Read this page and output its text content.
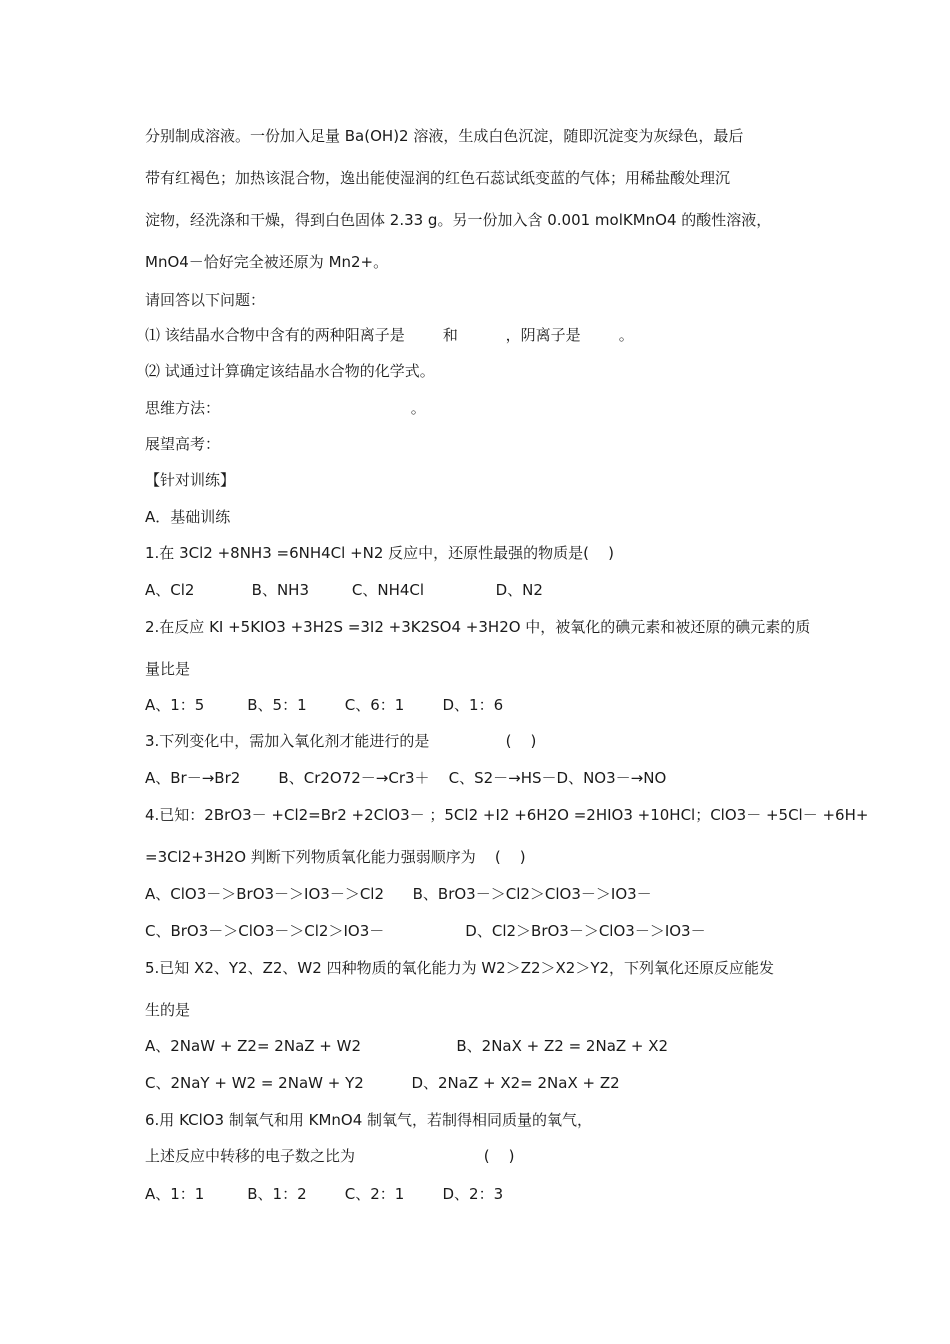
分别制成溶液。一份加入足量 Ba(OH)2 溶液，生成白色沉淀，随即沉淀变为灰绿色，最后
带有红褐色；加热该混合物，逸出能使湿润的红色石蕊试纸变蓝的气体；用稀盐酸处理沉
淀物，经洗涤和干燥，得到白色固体 2.33 g。另一份加入含 0.001 molKMnO4 的酸性溶液，
MnO4－恰好完全被还原为 Mn2+。
请回答以下问题：
⑴ 该结晶水合物中含有的两种阳离子是        和          ，阴离子是        。
⑵ 试通过计算确定该结晶水合物的化学式。
思维方法：                                        。
展望高考：
【针对训练】
A．基础训练
1.在 3Cl2 +8NH3 =6NH4Cl +N2 反应中，还原性最强的物质是(    )
A、Cl2            B、NH3         C、NH4Cl               D、N2
2.在反应 KI +5KIO3 +3H2S =3I2 +3K2SO4 +3H2O 中，被氧化的碘元素和被还原的碘元素的质
量比是
A、1：5         B、5：1        C、6：1        D、1：6
3.下列变化中，需加入氧化剂才能进行的是                (    )
A、Br－→Br2        B、Cr2O72－→Cr3＋    C、S2－→HS－D、NO3－→NO
4.已知：2BrO3－ +Cl2=Br2 +2ClO3－ ；5Cl2 +I2 +6H2O =2HIO3 +10HCl；ClO3－ +5Cl－ +6H+
=3Cl2+3H2O 判断下列物质氧化能力强弱顺序为    (    )
A、ClO3－＞BrO3－＞IO3－＞Cl2      B、BrO3－＞Cl2＞ClO3－＞IO3－
C、BrO3－＞ClO3－＞Cl2＞IO3－                 D、Cl2＞BrO3－＞ClO3－＞IO3－
5.已知 X2、Y2、Z2、W2 四种物质的氧化能力为 W2＞Z2＞X2＞Y2，下列氧化还原反应能发
生的是
A、2NaW + Z2= 2NaZ + W2                    B、2NaX + Z2 = 2NaZ + X2
C、2NaY + W2 = 2NaW + Y2          D、2NaZ + X2= 2NaX + Z2
6.用 KClO3 制氧气和用 KMnO4 制氧气，若制得相同质量的氧气，
上述反应中转移的电子数之比为                           (    )
A、1：1         B、1：2        C、2：1        D、2：3
